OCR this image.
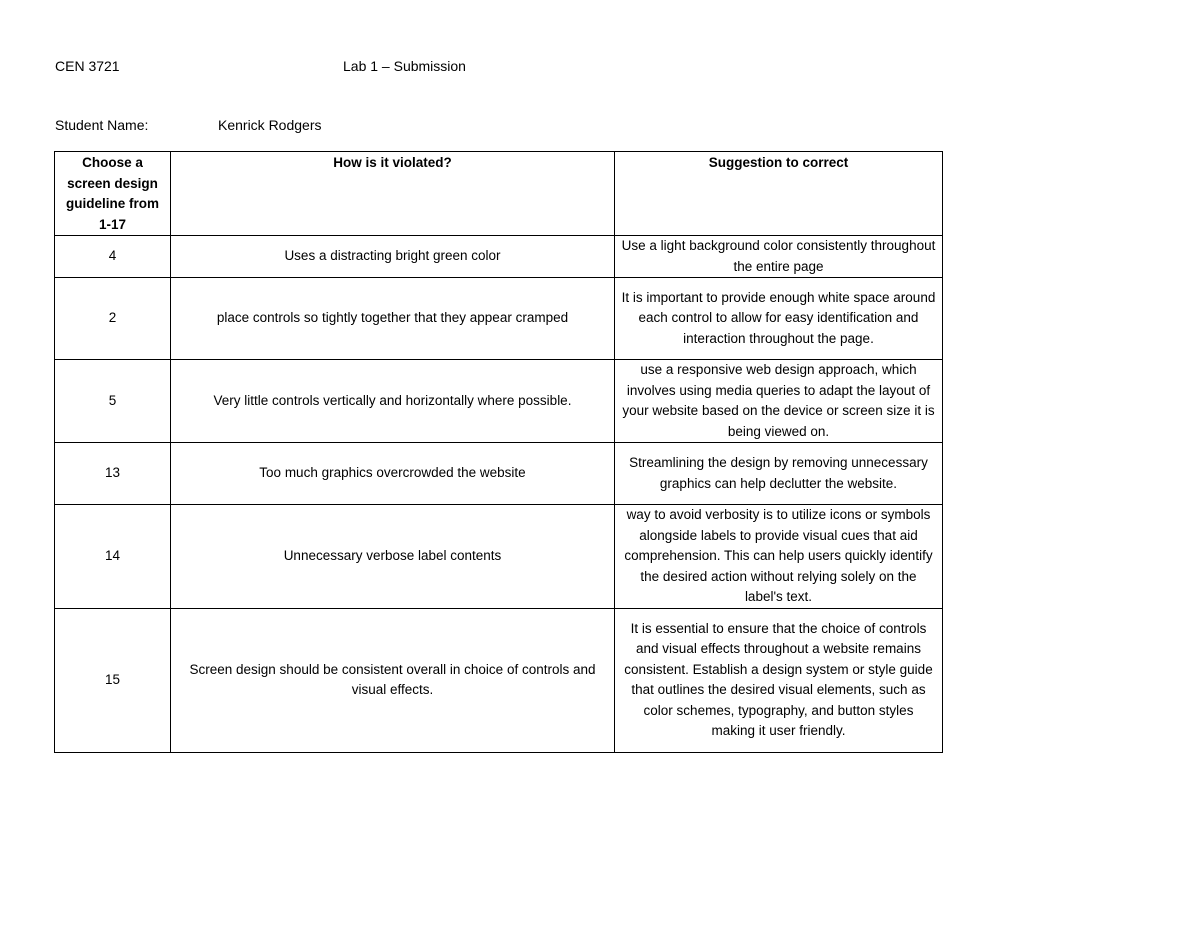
CEN 3721	Lab 1 – Submission
Student Name:	Kenrick Rodgers
Choose a screen design guideline from 1-17	How is it violated?	Suggestion to correct
4	Uses a distracting bright green color	Use a light background color consistently throughout the entire page
2	place controls so tightly together that they appear cramped	It is important to provide enough white space around each control to allow for easy identification and interaction throughout the page.
5	Very little controls vertically and horizontally where possible.	use a responsive web design approach, which involves using media queries to adapt the layout of your website based on the device or screen size it is being viewed on.
13	Too much graphics overcrowded the website	Streamlining the design by removing unnecessary graphics can help declutter the website.
14	Unnecessary verbose label contents	way to avoid verbosity is to utilize icons or symbols alongside labels to provide visual cues that aid comprehension. This can help users quickly identify the desired action without relying solely on the label's text.
15	Screen design should be consistent overall in choice of controls and visual effects.	It is essential to ensure that the choice of controls and visual effects throughout a website remains consistent. Establish a design system or style guide that outlines the desired visual elements, such as color schemes, typography, and button styles making it user friendly.
